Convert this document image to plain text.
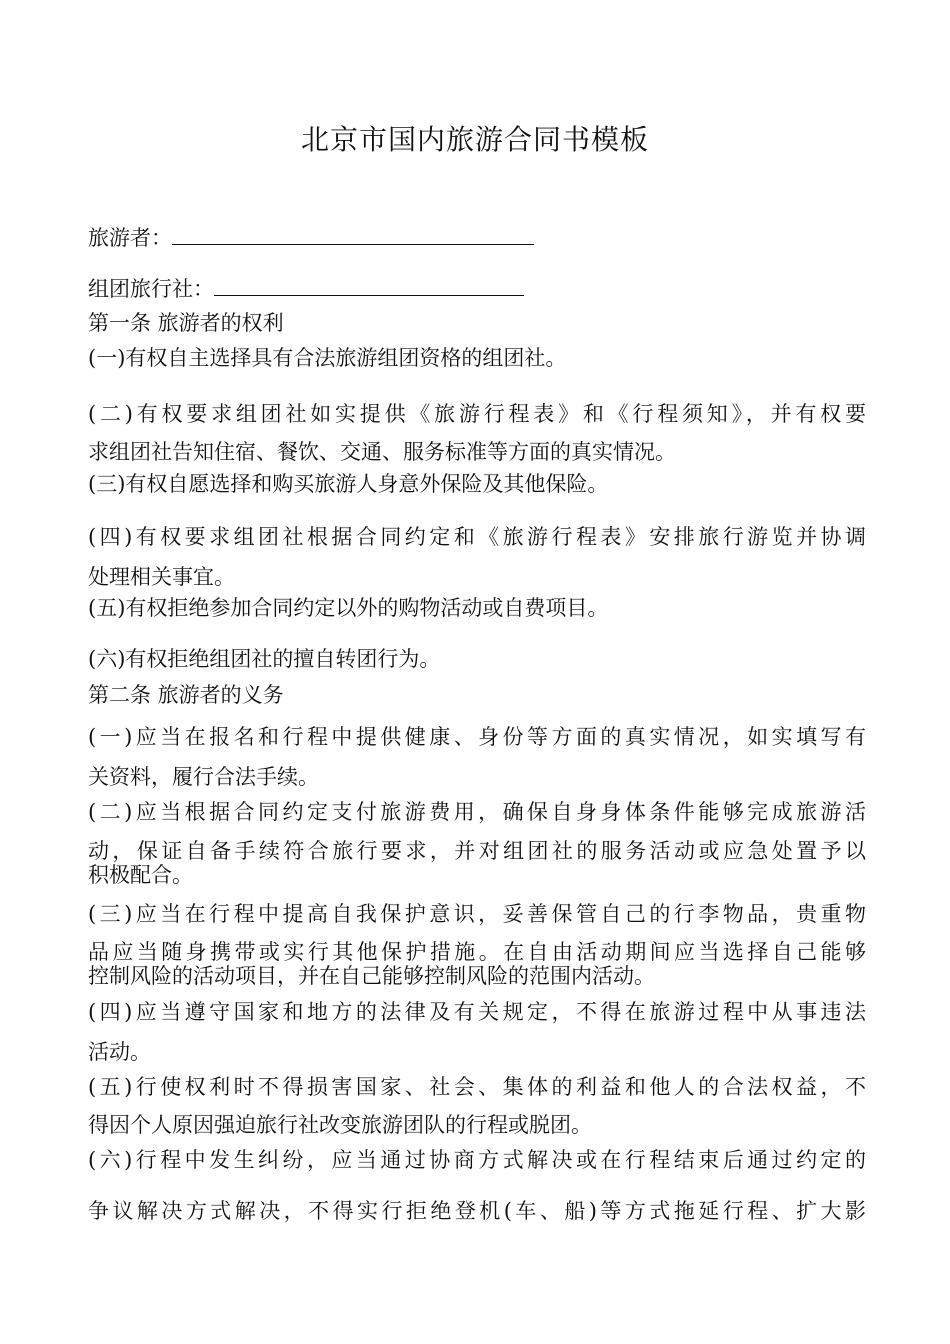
北京市国内旅游合同书模板
旅游者：
组团旅行社：
第一条 旅游者的权利
(一)有权自主选择具有合法旅游组团资格的组团社。
(二)有权要求组团社如实提供《旅游行程表》和《行程须知》，并有权要
求组团社告知住宿、餐饮、交通、服务标准等方面的真实情况。
(三)有权自愿选择和购买旅游人身意外保险及其他保险。
(四)有权要求组团社根据合同约定和《旅游行程表》安排旅行游览并协调
处理相关事宜。
(五)有权拒绝参加合同约定以外的购物活动或自费项目。
(六)有权拒绝组团社的擅自转团行为。
第二条 旅游者的义务
(一)应当在报名和行程中提供健康、身份等方面的真实情况，如实填写有
关资料，履行合法手续。
(二)应当根据合同约定支付旅游费用，确保自身身体条件能够完成旅游活
动，保证自备手续符合旅行要求，并对组团社的服务活动或应急处置予以
积极配合。
(三)应当在行程中提高自我保护意识，妥善保管自己的行李物品，贵重物
品应当随身携带或实行其他保护措施。在自由活动期间应当选择自己能够
控制风险的活动项目，并在自己能够控制风险的范围内活动。
(四)应当遵守国家和地方的法律及有关规定，不得在旅游过程中从事违法
活动。
(五)行使权利时不得损害国家、社会、集体的利益和他人的合法权益，不
得因个人原因强迫旅行社改变旅游团队的行程或脱团。
(六)行程中发生纠纷，应当通过协商方式解决或在行程结束后通过约定的
争议解决方式解决，不得实行拒绝登机(车、船)等方式拖延行程、扩大影
